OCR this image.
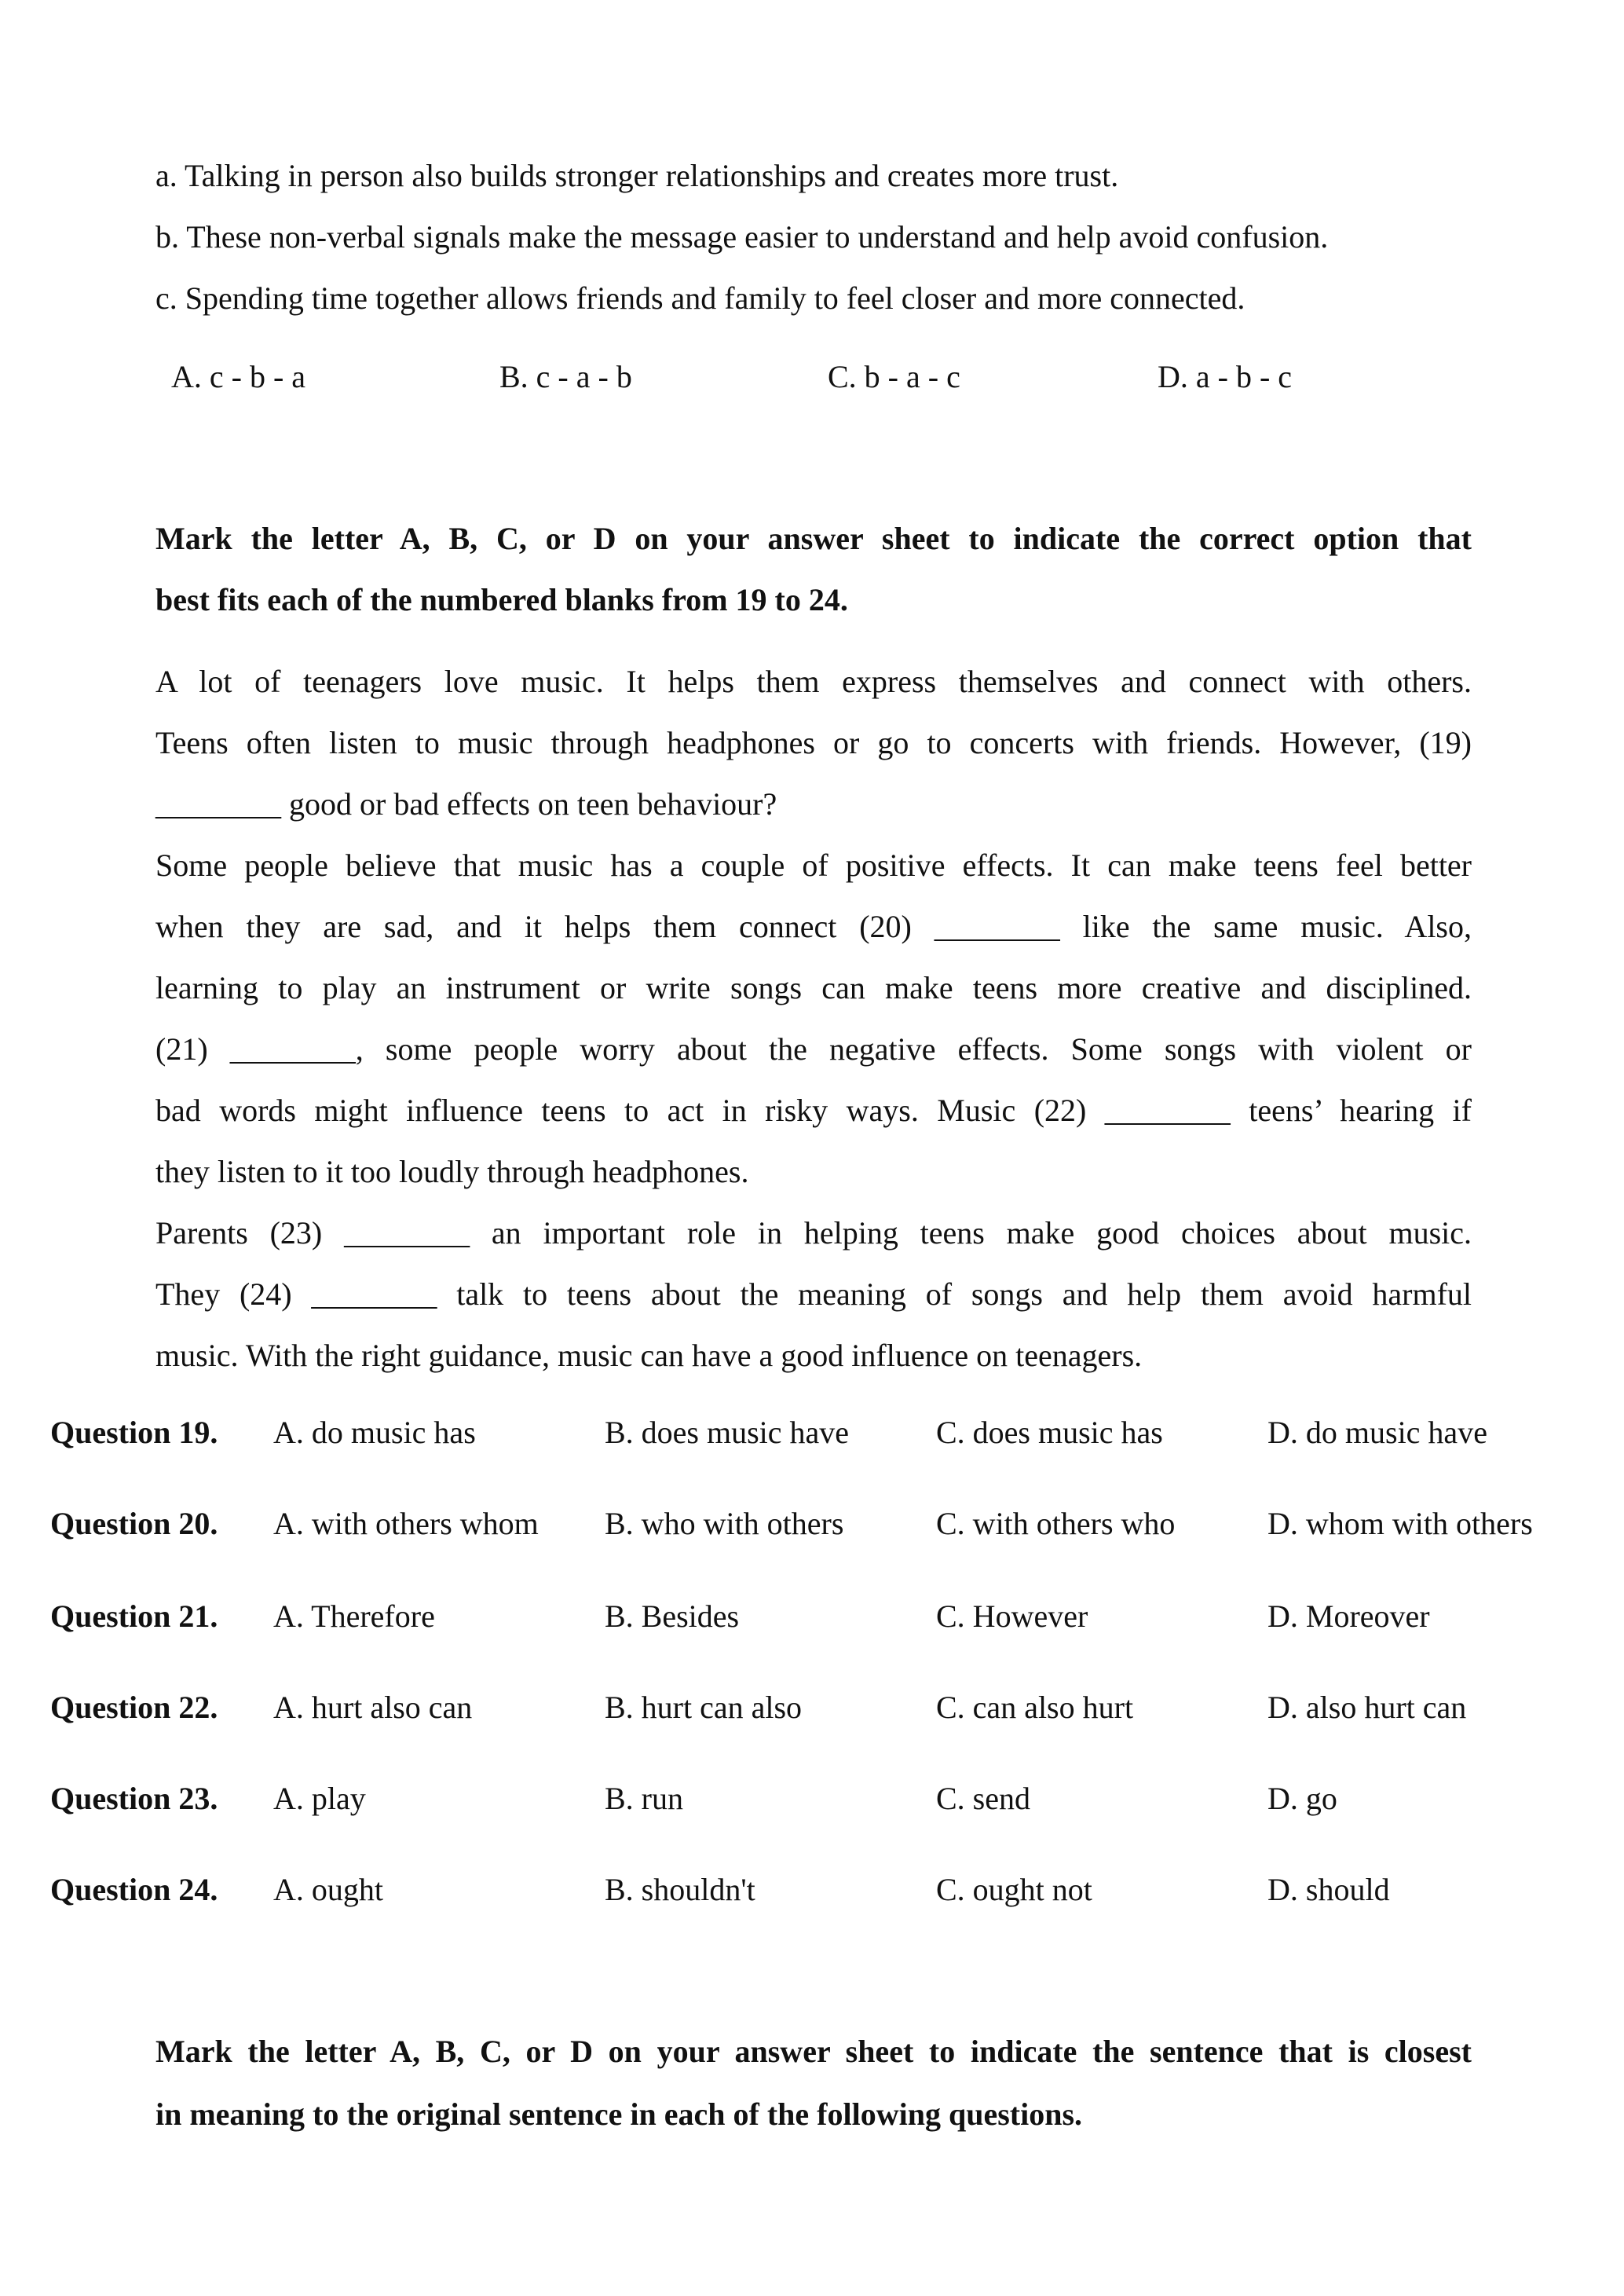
a. Talking in person also builds stronger relationships and creates more trust.
b. These non-verbal signals make the message easier to understand and help avoid confusion.
c. Spending time together allows friends and family to feel closer and more connected.
A. c - b - a	B. c - a - b	C. b - a - c	D. a - b - c
Mark the letter A, B, C, or D on your answer sheet to indicate the correct option that
best fits each of the numbered blanks from 19 to 24.
A lot of teenagers love music. It helps them express themselves and connect with others.
Teens often listen to music through headphones or go to concerts with friends. However, (19)
________ good or bad effects on teen behaviour?
Some people believe that music has a couple of positive effects. It can make teens feel better
when they are sad, and it helps them connect (20) ________ like the same music. Also,
learning to play an instrument or write songs can make teens more creative and disciplined.
(21) ________, some people worry about the negative effects. Some songs with violent or
bad words might influence teens to act in risky ways. Music (22) ________ teens’ hearing if
they listen to it too loudly through headphones.
Parents (23) ________ an important role in helping teens make good choices about music.
They (24) ________ talk to teens about the meaning of songs and help them avoid harmful
music. With the right guidance, music can have a good influence on teenagers.
Question 19. A. do music has	B. does music have	C. does music has	D. do music have
Question 20. A. with others whom B. who with others	C. with others who	D. whom with others
Question 21. A. Therefore	B. Besides	C. However	D. Moreover
Question 22. A. hurt also can	B. hurt can also	C. can also hurt	D. also hurt can
Question 23. A. play	B. run	C. send	D. go
Question 24. A. ought	B. shouldn't	C. ought not	D. should
Mark the letter A, B, C, or D on your answer sheet to indicate the sentence that is closest
in meaning to the original sentence in each of the following questions.
